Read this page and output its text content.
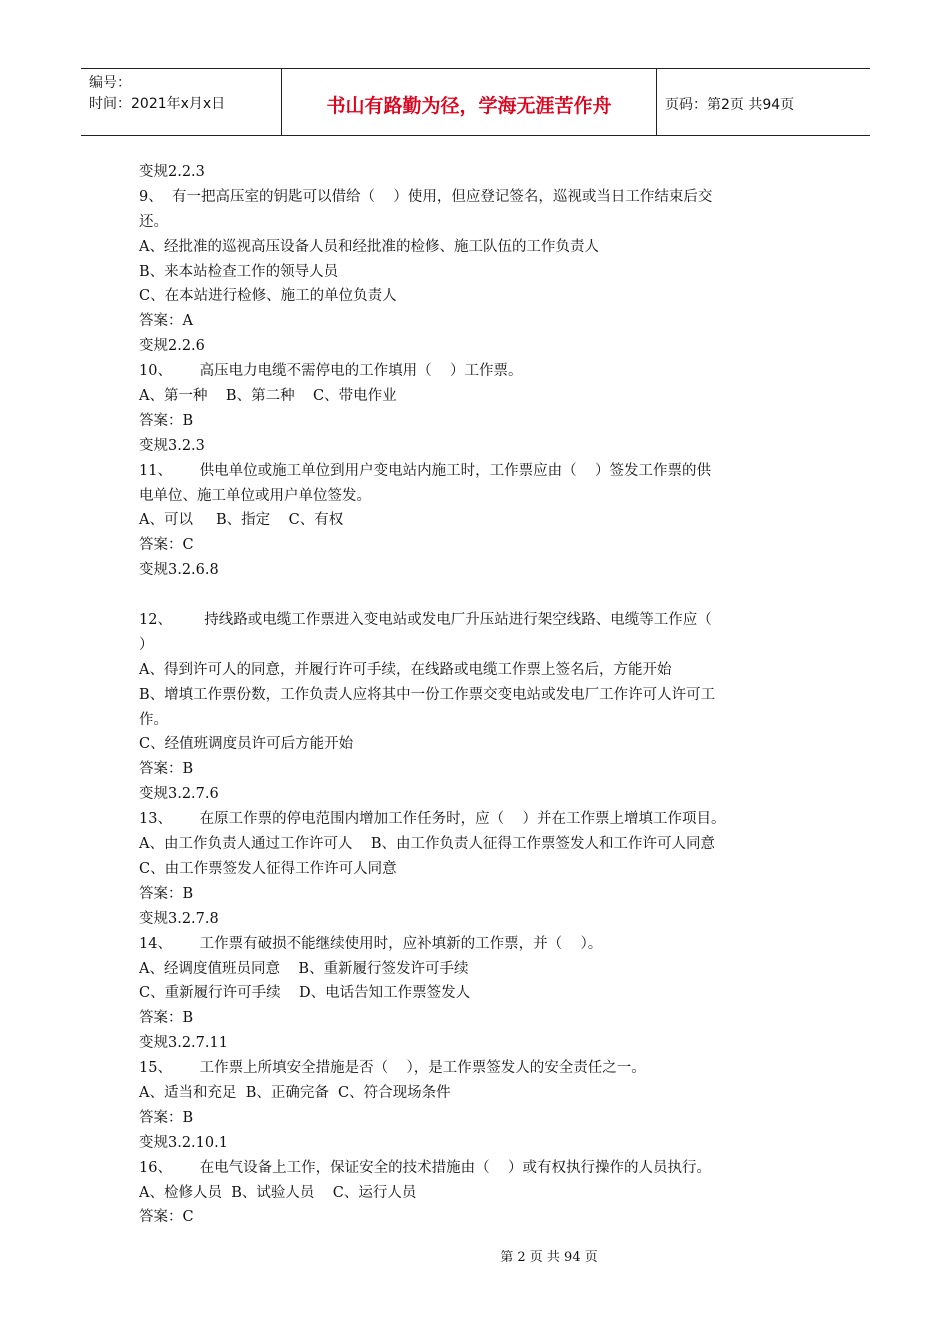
编号：
时间：2021年x月x日	书山有路勤为径，学海无涯苦作舟	页码：第2页 共94页
变规2.2.3
9、  有一把高压室的钥匙可以借给（    ）使用，但应登记签名，巡视或当日工作结束后交
还。
A、经批准的巡视高压设备人员和经批准的检修、施工队伍的工作负责人
B、来本站检查工作的领导人员
C、在本站进行检修、施工的单位负责人
答案：A
变规2.2.6
10、      高压电力电缆不需停电的工作填用（    ）工作票。
A、第一种    B、第二种    C、带电作业
答案：B
变规3.2.3
11、      供电单位或施工单位到用户变电站内施工时，工作票应由（    ）签发工作票的供
电单位、施工单位或用户单位签发。
A、可以     B、指定    C、有权
答案：C
变规3.2.6.8
12、       持线路或电缆工作票进入变电站或发电厂升压站进行架空线路、电缆等工作应（
）
A、得到许可人的同意，并履行许可手续，在线路或电缆工作票上签名后，方能开始
B、增填工作票份数，工作负责人应将其中一份工作票交变电站或发电厂工作许可人许可工
作。
C、经值班调度员许可后方能开始
答案：B
变规3.2.7.6
13、      在原工作票的停电范围内增加工作任务时，应（    ）并在工作票上增填工作项目。
A、由工作负责人通过工作许可人    B、由工作负责人征得工作票签发人和工作许可人同意
C、由工作票签发人征得工作许可人同意
答案：B
变规3.2.7.8
14、      工作票有破损不能继续使用时，应补填新的工作票，并（    ）。
A、经调度值班员同意    B、重新履行签发许可手续
C、重新履行许可手续    D、电话告知工作票签发人
答案：B
变规3.2.7.11
15、      工作票上所填安全措施是否（    ），是工作票签发人的安全责任之一。
A、适当和充足  B、正确完备  C、符合现场条件
答案：B
变规3.2.10.1
16、      在电气设备上工作，保证安全的技术措施由（    ）或有权执行操作的人员执行。
A、检修人员  B、试验人员    C、运行人员
答案：C
第 2 页 共 94 页
